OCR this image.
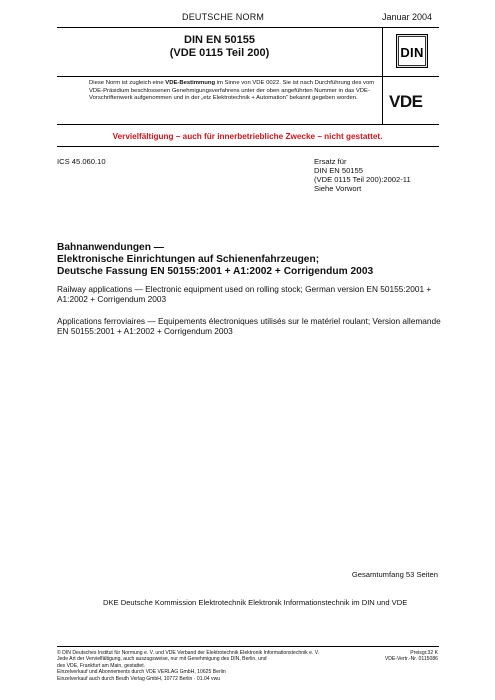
DEUTSCHE NORM	Januar 2004
DIN EN 50155
(VDE 0115 Teil 200)	DIN
VDE
Diese Norm ist zugleich eine VDE-Bestimmung im Sinne von VDE 0022. Sie ist nach Durchführung des vom VDE-Präsidium beschlossenen Genehmigungsverfahrens unter der oben angeführten Nummer in das VDE-Vorschriftenwerk aufgenommen und in der „etz Elektrotechnik + Automation“ bekannt gegeben worden.
Vervielfältigung – auch für innerbetriebliche Zwecke – nicht gestattet.
ICS 45.060.10	Ersatz für
DIN EN 50155
(VDE 0115 Teil 200):2002-11
Siehe Vorwort
Bahnanwendungen —
Elektronische Einrichtungen auf Schienenfahrzeugen;
Deutsche Fassung EN 50155:2001 + A1:2002 + Corrigendum 2003
Railway applications — Electronic equipment used on rolling stock; German version EN 50155:2001 + A1:2002 + Corrigendum 2003
Applications ferroviaires — Equipements électroniques utilisés sur le matériel roulant; Version allemande EN 50155:2001 + A1:2002 + Corrigendum 2003
Gesamtumfang 53 Seiten
DKE Deutsche Kommission Elektrotechnik Elektronik Informationstechnik im DIN und VDE
© DIN Deutsches Institut für Normung e. V. und VDE Verband der Elektrotechnik Elektronik Informationstechnik e. V.
Jede Art der Vervielfältigung, auch auszugsweise, nur mit Genehmigung des DIN, Berlin, und
des VDE, Frankfurt am Main, gestattet.
Einzelverkauf und Abonnements durch VDE VERLAG GmbH, 10625 Berlin
Einzelverkauf auch durch Beuth Verlag GmbH, 10772 Berlin · 01.04 vwu
Preisgr.32 K
VDE-Vertr.-Nr. 0115086
